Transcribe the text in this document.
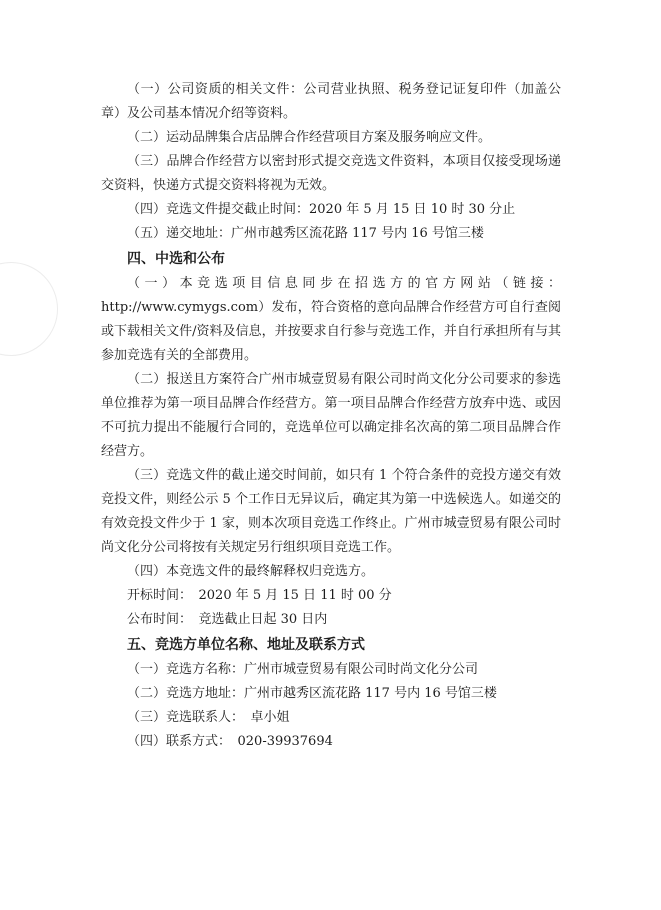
（一）公司资质的相关文件：公司营业执照、税务登记证复印件（加盖公章）及公司基本情况介绍等资料。

（二）运动品牌集合店品牌合作经营项目方案及服务响应文件。

（三）品牌合作经营方以密封形式提交竞选文件资料，本项目仅接受现场递交资料，快递方式提交资料将视为无效。

（四）竞选文件提交截止时间：2020 年 5 月 15 日 10 时 30 分止

（五）递交地址：广州市越秀区流花路 117 号内 16 号馆三楼

四、中选和公布

（一）本竞选项目信息同步在招选方的官方网站（链接：http://www.cymygs.com）发布，符合资格的意向品牌合作经营方可自行查阅或下载相关文件/资料及信息，并按要求自行参与竞选工作，并自行承担所有与其参加竞选有关的全部费用。

（二）报送且方案符合广州市城壹贸易有限公司时尚文化分公司要求的参选单位推荐为第一项目品牌合作经营方。第一项目品牌合作经营方放弃中选、或因不可抗力提出不能履行合同的，竞选单位可以确定排名次高的第二项目品牌合作经营方。

（三）竞选文件的截止递交时间前，如只有 1 个符合条件的竞投方递交有效竞投文件，则经公示 5 个工作日无异议后，确定其为第一中选候选人。如递交的有效竞投文件少于 1 家，则本次项目竞选工作终止。广州市城壹贸易有限公司时尚文化分公司将按有关规定另行组织项目竞选工作。

（四）本竞选文件的最终解释权归竞选方。

开标时间：　2020 年 5 月 15 日 11 时 00 分

公布时间：　竞选截止日起 30 日内

五、竞选方单位名称、地址及联系方式

（一）竞选方名称：广州市城壹贸易有限公司时尚文化分公司

（二）竞选方地址：广州市越秀区流花路 117 号内 16 号馆三楼

（三）竞选联系人：　卓小姐

（四）联系方式：　020-39937694
